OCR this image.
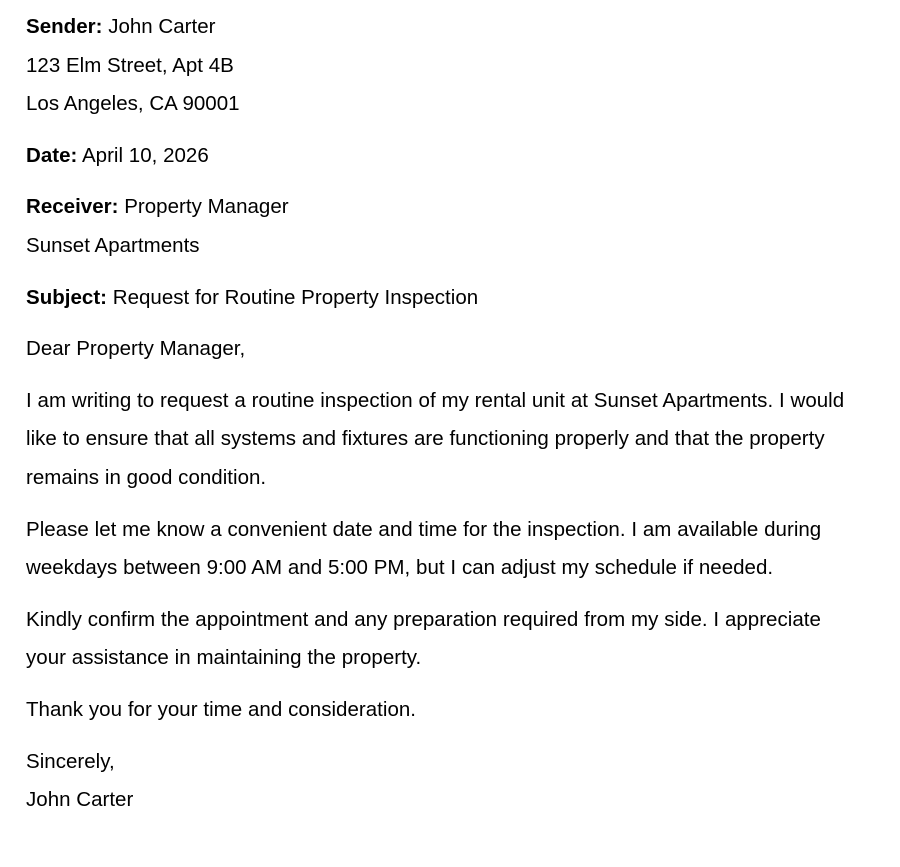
Sender: John Carter
123 Elm Street, Apt 4B
Los Angeles, CA 90001
Date: April 10, 2026
Receiver: Property Manager
Sunset Apartments
Subject: Request for Routine Property Inspection
Dear Property Manager,
I am writing to request a routine inspection of my rental unit at Sunset Apartments. I would like to ensure that all systems and fixtures are functioning properly and that the property remains in good condition.
Please let me know a convenient date and time for the inspection. I am available during weekdays between 9:00 AM and 5:00 PM, but I can adjust my schedule if needed.
Kindly confirm the appointment and any preparation required from my side. I appreciate your assistance in maintaining the property.
Thank you for your time and consideration.
Sincerely,
John Carter
